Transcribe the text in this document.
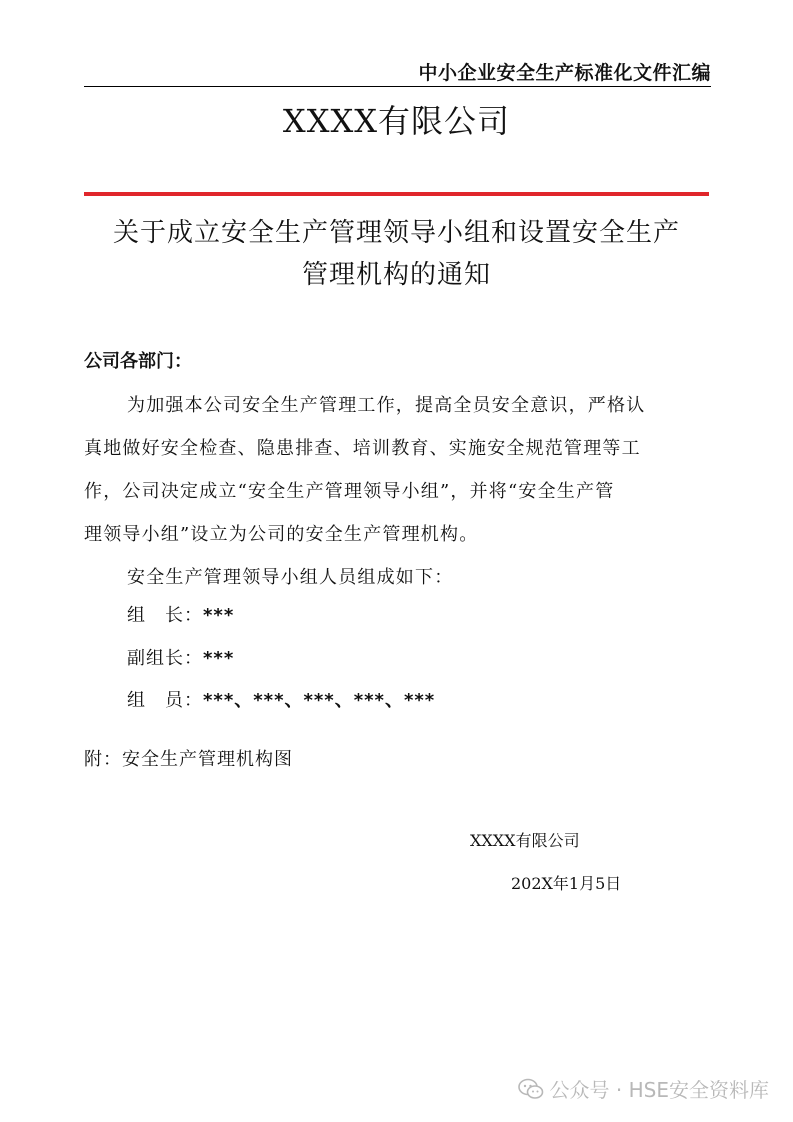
中小企业安全生产标准化文件汇编
XXXX有限公司
关于成立安全生产管理领导小组和设置安全生产
管理机构的通知
公司各部门：
为加强本公司安全生产管理工作，提高全员安全意识，严格认
真地做好安全检查、隐患排查、培训教育、实施安全规范管理等工
作，公司决定成立“安全生产管理领导小组”，并将“安全生产管
理领导小组”设立为公司的安全生产管理机构。
安全生产管理领导小组人员组成如下：
组　长：***
副组长：***
组　员：***、***、***、***、***
附：安全生产管理机构图
XXXX有限公司
202X年1月5日
公众号 · HSE安全资料库
